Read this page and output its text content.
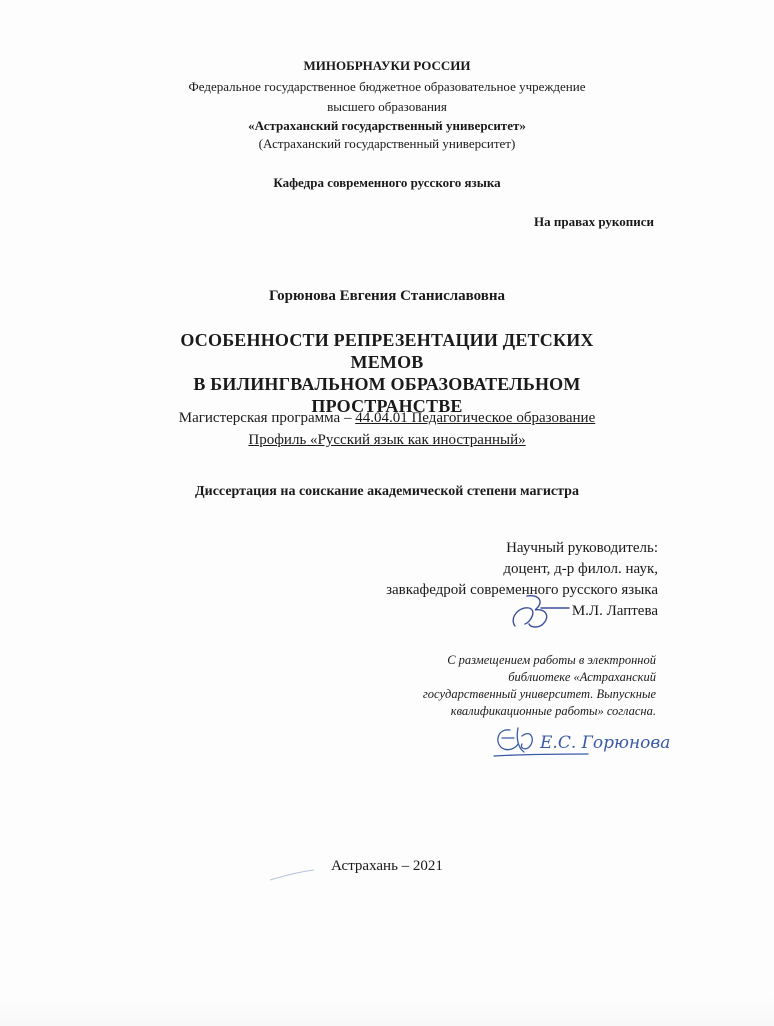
МИНОБРНАУКИ РОССИИ
Федеральное государственное бюджетное образовательное учреждение
высшего образования
«Астраханский государственный университет»
(Астраханский государственный университет)
Кафедра современного русского языка
На правах рукописи
Горюнова Евгения Станиславовна
ОСОБЕННОСТИ РЕПРЕЗЕНТАЦИИ ДЕТСКИХ МЕМОВ
В БИЛИНГВАЛЬНОМ ОБРАЗОВАТЕЛЬНОМ
ПРОСТРАНСТВЕ
Магистерская программа – 44.04.01 Педагогическое образование
Профиль «Русский язык как иностранный»
Диссертация на соискание академической степени магистра
Научный руководитель:
доцент, д-р филол. наук,
завкафедрой современного русского языка
М.Л. Лаптева
С размещением работы в электронной
библиотеке «Астраханский
государственный университет. Выпускные
квалификационные работы» согласна.
Е.С. Горюнова
Астрахань – 2021
